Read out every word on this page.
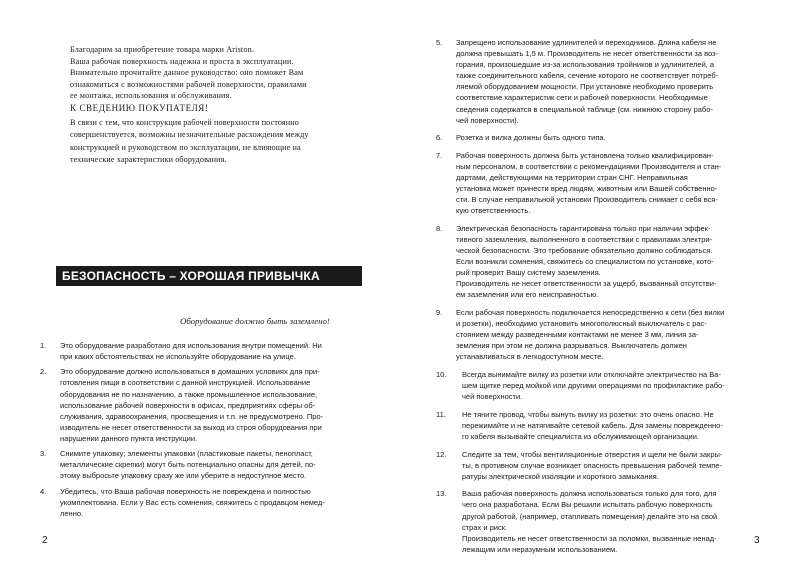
Благодарим за приобретение товара марки Ariston.

Ваша рабочая поверхность надежна и проста в эксплуатации.

Внимательно прочитайте данное руководство: оно поможет Вам

ознакомиться с возможностями рабочей поверхности, правилами

ее монтажа, использования и обслуживания.

К СВЕДЕНИЮ ПОКУПАТЕЛЯ!
В связи с тем, что конструкция рабочей поверхности постоянно
совершенствуется, возможны незначительные расхождения между
конструкцией и руководством по эксплуатации, не влияющие на
технические характеристики оборудования.
БЕЗОПАСНОСТЬ – ХОРОШАЯ ПРИВЫЧКА
Оборудование должно быть заземлено!
1. Это оборудование разработано для использования внутри помещений. Ни
при каких обстоятельствах не используйте оборудование на улице.
2. Это оборудование должно использоваться в домашних условиях для при-
готовления пищи в соответствии с данной инструкцией. Использование
оборудования не по назначению, а также промышленное использование,
использование рабочей поверхности в офисах, предприятиях сферы об-
служивания, здравоохранения, просвещения и т.п. не предусмотрено. Про-
изводитель не несет ответственности за выход из строя оборудования при
нарушении данного пункта инструкции.
3. Снимите упаковку; элементы упаковки (пластиковые пакеты, пенопласт,
металлические скрепки) могут быть потенциально опасны для детей, по-
этому выбросьте упаковку сразу же или уберите в недоступное место.
4. Убедитесь, что Ваша рабочая поверхность не повреждена и полностью
укомплектована. Если у Вас есть сомнения, свяжитесь с продавцом немед-
ленно.
2
5. Запрещено использование удлинителей и переходников. Длина кабеля не
должна превышать 1,5 м. Производитель не несет ответственности за воз-
горания, произошедшие из-за использования тройников и удлинителей, а
также соединительного кабеля, сечение которого не соответствует потреб-
ляемой оборудованием мощности. При установке необходимо проверить
соответствие характеристик сети и рабочей поверхности. Необходимые
сведения содержатся в специальной таблице (см. нижнюю сторону рабо-
чей поверхности).
6. Розетка и вилка должны быть одного типа.
7. Рабочая поверхность должна быть установлена только квалифицирован-
ным персоналом, в соответствии с рекомендациями Производителя и стан-
дартами, действующими на территории стран СНГ. Неправильная
установка может принести вред людям, животным или Вашей собственно-
сти. В случае неправильной установки Производитель снимает с себя вся-
кую ответственность.
8. Электрическая безопасность гарантирована только при наличии эффек-
тивного заземления, выполненного в соответствии с правилами электри-
ческой безопасности. Это требование обязательно должно соблюдаться.
Если возникли сомнения, свяжитесь со специалистом по установке, кото-
рый проверит Вашу систему заземления.
Производитель не несет ответственности за ущерб, вызванный отсутстви-
ем заземления или его неисправностью.
9. Если рабочая поверхность подключается непосредственно к сети (без вилки
и розетки), необходимо установить многополюсный выключатель с рас-
стоянием между разведенными контактами не менее 3 мм, линия за-
земления при этом не должна разрываться. Выключатель должен
устанавливаться в легкодоступном месте.
10. Всегда вынимайте вилку из розетки или отключайте электричество на Ва-
шем щитке перед мойкой или другими операциями по профилактике рабо-
чей поверхности.
11. Не тяните провод, чтобы вынуть вилку из розетки: это очень опасно. Не
пережимайте и не натягивайте сетевой кабель. Для замены поврежденно-
го кабеля вызывайте специалиста из обслуживающей организации.
12. Следите за тем, чтобы вентиляционные отверстия и щели не были закры-
ты, в противном случае возникает опасность превышения рабочей темпе-
ратуры электрической изоляции и короткого замыкания.
13. Ваша рабочая поверхность должна использоваться только для того, для
чего она разработана. Если Вы решили испытать рабочую поверхность
другой работой, (например, отапливать помещения) делайте это на свой
страх и риск.
Производитель не несет ответственности за поломки, вызванные ненад-
лежащим или неразумным использованием.
3
